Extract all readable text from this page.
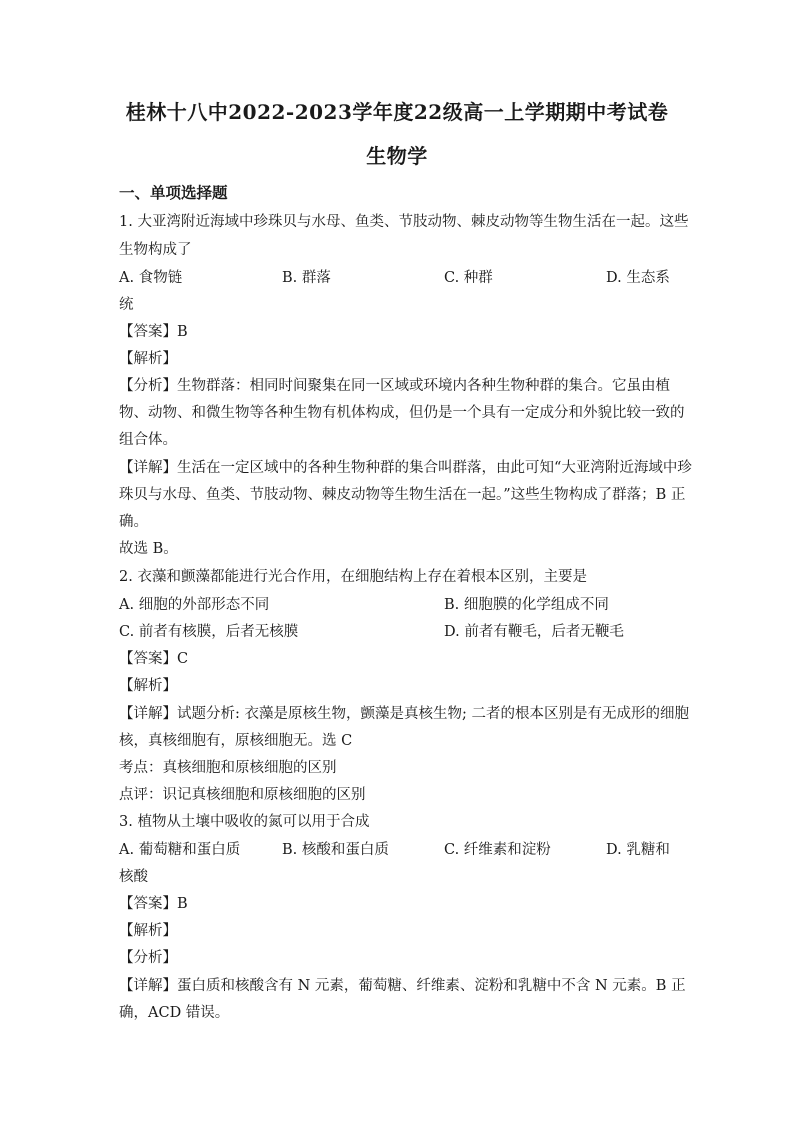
桂林十八中2022-2023学年度22级高一上学期期中考试卷
生物学
一、单项选择题
1. 大亚湾附近海域中珍珠贝与水母、鱼类、节肢动物、棘皮动物等生物生活在一起。这些
生物构成了
A. 食物链	B. 群落	C. 种群	D. 生态系
统
【答案】B
【解析】
【分析】生物群落：相同时间聚集在同一区域或环境内各种生物种群的集合。它虽由植
物、动物、和微生物等各种生物有机体构成，但仍是一个具有一定成分和外貌比较一致的
组合体。
【详解】生活在一定区域中的各种生物种群的集合叫群落，由此可知“大亚湾附近海域中珍
珠贝与水母、鱼类、节肢动物、棘皮动物等生物生活在一起。”这些生物构成了群落；B 正
确。
故选 B。
2. 衣藻和颤藻都能进行光合作用，在细胞结构上存在着根本区别，主要是
A. 细胞的外部形态不同	B. 细胞膜的化学组成不同
C. 前者有核膜，后者无核膜	D. 前者有鞭毛，后者无鞭毛
【答案】C
【解析】
【详解】试题分析: 衣藻是原核生物，颤藻是真核生物; 二者的根本区别是有无成形的细胞
核，真核细胞有，原核细胞无。选 C
考点：真核细胞和原核细胞的区别
点评：识记真核细胞和原核细胞的区别
3. 植物从土壤中吸收的氮可以用于合成
A. 葡萄糖和蛋白质	B. 核酸和蛋白质	C. 纤维素和淀粉	D. 乳糖和
核酸
【答案】B
【解析】
【分析】
【详解】蛋白质和核酸含有 N 元素，葡萄糖、纤维素、淀粉和乳糖中不含 N 元素。B 正
确，ACD 错误。
